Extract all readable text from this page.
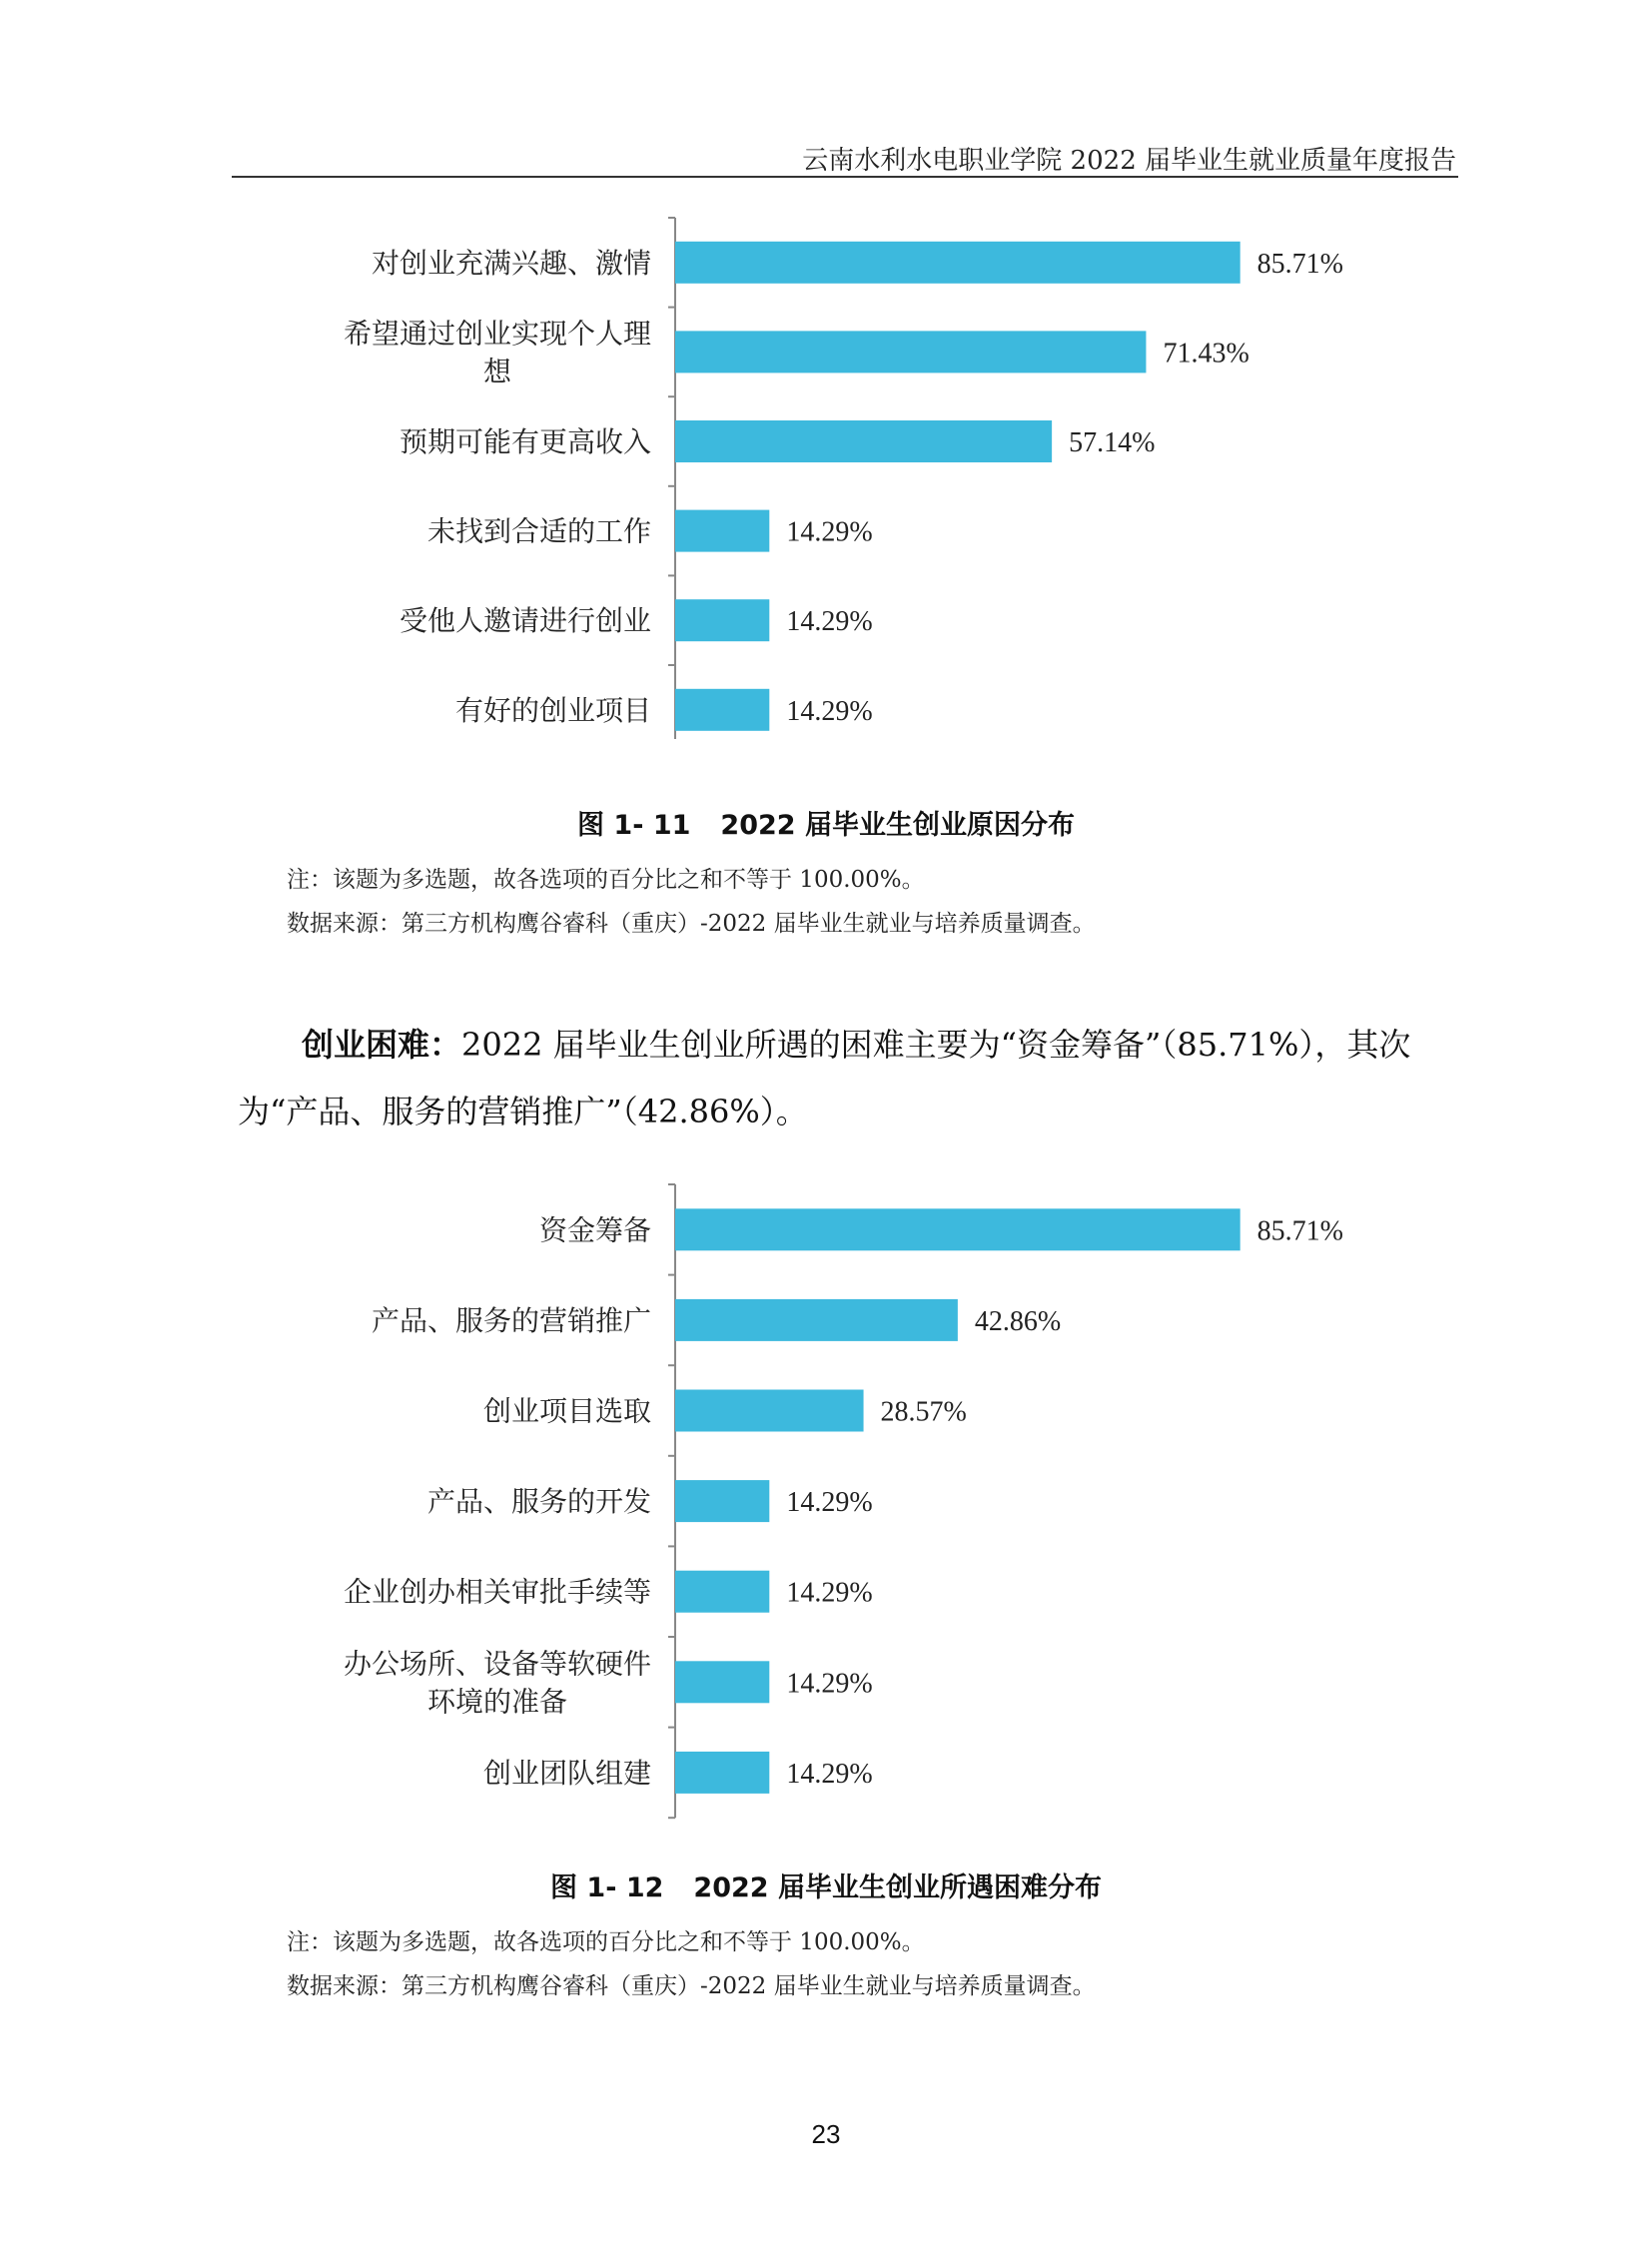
云南水利水电职业学院 2022 届毕业生就业质量年度报告
85.71%
对创业充满兴趣、激情
71.43%
希望通过创业实现个人理
想
57.14%
预期可能有更高收入
14.29%
未找到合适的工作
14.29%
受他人邀请进行创业
14.29%
有好的创业项目
图 1- 11 2022 届毕业生创业原因分布
注：该题为多选题，故各选项的百分比之和不等于 100.00%。
数据来源：第三方机构鹰谷睿科（重庆）-2022 届毕业生就业与培养质量调查。
创业困难：2022 届毕业生创业所遇的困难主要为“资金筹备”（85.71%），其次
为“产品、服务的营销推广”（42.86%）。
85.71%
资金筹备
42.86%
产品、服务的营销推广
28.57%
创业项目选取
14.29%
产品、服务的开发
14.29%
企业创办相关审批手续等
14.29%
办公场所、设备等软硬件
环境的准备
14.29%
创业团队组建
图 1- 12 2022 届毕业生创业所遇困难分布
注：该题为多选题，故各选项的百分比之和不等于 100.00%。
数据来源：第三方机构鹰谷睿科（重庆）-2022 届毕业生就业与培养质量调查。
23
